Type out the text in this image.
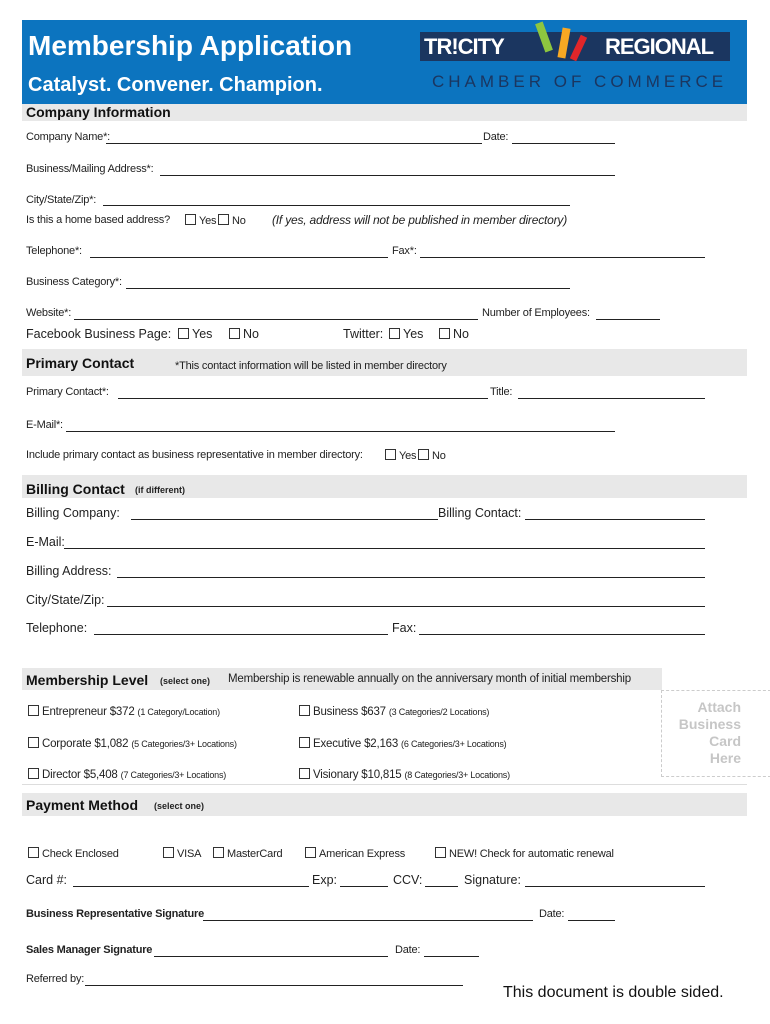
Membership Application
Catalyst. Convener. Champion.
TR!CITY	REGIONAL
CHAMBER OF COMMERCE
Company Information
Company Name*:	Date:
Business/Mailing Address*:
City/State/Zip*:
Is this a home based address?	Yes	No (If yes, address will not be published in member directory)
Telephone*:	Fax*:
Business Category*:
Website*:	Number of Employees:
Facebook Business Page:	Yes	No	Twitter:	Yes	No
Primary Contact	*This contact information will be listed in member directory
Primary Contact*:	Title:
E-Mail*:
Include primary contact as business representative in member directory:	Yes	No
Billing Contact (if different)
Billing Company:	Billing Contact:
E-Mail:
Billing Address:
City/State/Zip:
Telephone:	Fax:
Membership Level (select one) Membership is renewable annually on the anniversary month of initial membership
Entrepreneur $372 (1 Category/Location)	Business $637 (3 Categories/2 Locations)
Corporate $1,082 (5 Categories/3+ Locations)	Executive $2,163 (6 Categories/3+ Locations)
Director $5,408 (7 Categories/3+ Locations)	Visionary $10,815 (8 Categories/3+ Locations)
Attach
Business
Card
Here
Payment Method (select one)
Check Enclosed	VISA	MasterCard	American Express	NEW! Check for automatic renewal
Card #:	Exp:	CCV:	Signature:
Business Representative Signature	Date:
Sales Manager Signature	Date:
Referred by:
This document is double sided.
